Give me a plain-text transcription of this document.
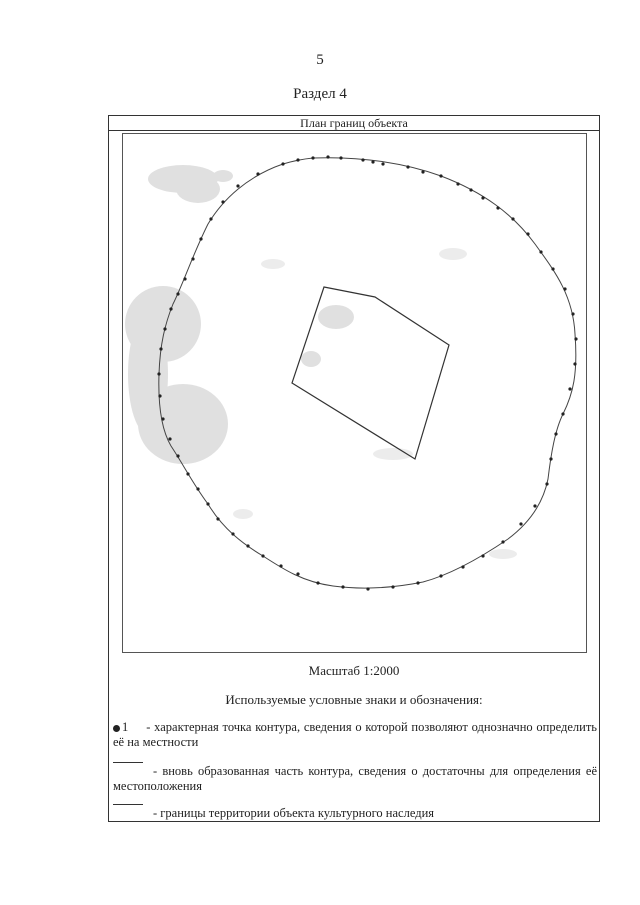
5
Раздел 4
План границ объекта
Масштаб 1:2000
Используемые условные знаки и обозначения:
1 - характерная точка контура, сведения о которой позволяют однозначно определить её на местности
- вновь образованная часть контура, сведения о достаточны для определения её местоположения
- границы территории объекта культурного наследия
